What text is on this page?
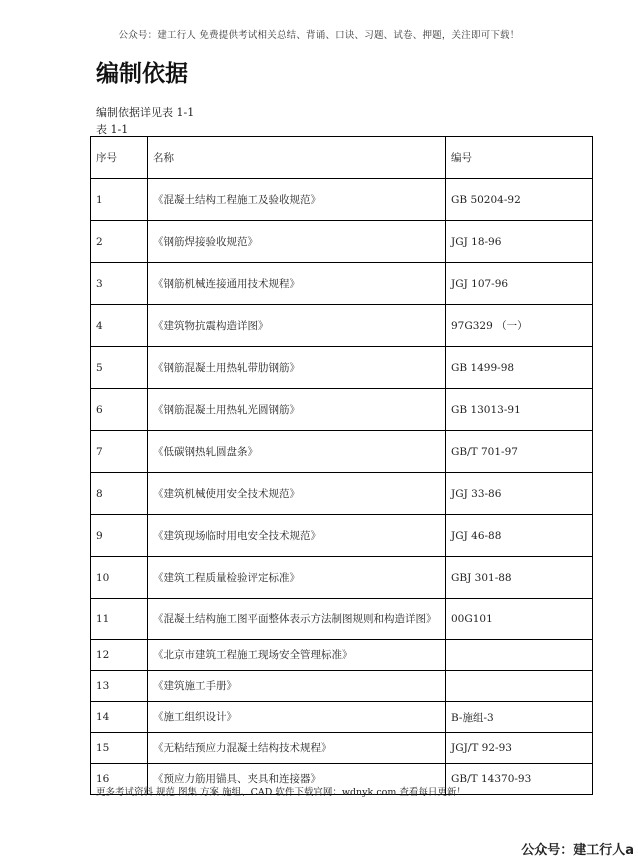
公众号：建工行人 免费提供考试相关总结、背诵、口诀、习题、试卷、押题，关注即可下载！
编制依据
编制依据详见表 1-1
表 1-1
序号	名称	编号
1	《混凝土结构工程施工及验收规范》	GB 50204-92
2	《钢筋焊接验收规范》	JGJ 18-96
3	《钢筋机械连接通用技术规程》	JGJ 107-96
4	《建筑物抗震构造详图》	97G329 （一）
5	《钢筋混凝土用热轧带肋钢筋》	GB 1499-98
6	《钢筋混凝土用热轧光圆钢筋》	GB 13013-91
7	《低碳钢热轧圆盘条》	GB/T 701-97
8	《建筑机械使用安全技术规范》	JGJ 33-86
9	《建筑现场临时用电安全技术规范》	JGJ 46-88
10	《建筑工程质量检验评定标准》	GBJ 301-88
11	《混凝土结构施工图平面整体表示方法制图规则和构造详图》	00G101
12	《北京市建筑工程施工现场安全管理标准》	
13	《建筑施工手册》	
14	《施工组织设计》	B-施组-3
15	《无粘结预应力混凝土结构技术规程》	JGJ/T 92-93
16	《预应力筋用锚具、夹具和连接器》	GB/T 14370-93
更多考试资料 规范 图集 方案 施组、CAD 软件下载官网：wdnyk.com 查看每日更新！
公众号：建工行人a
